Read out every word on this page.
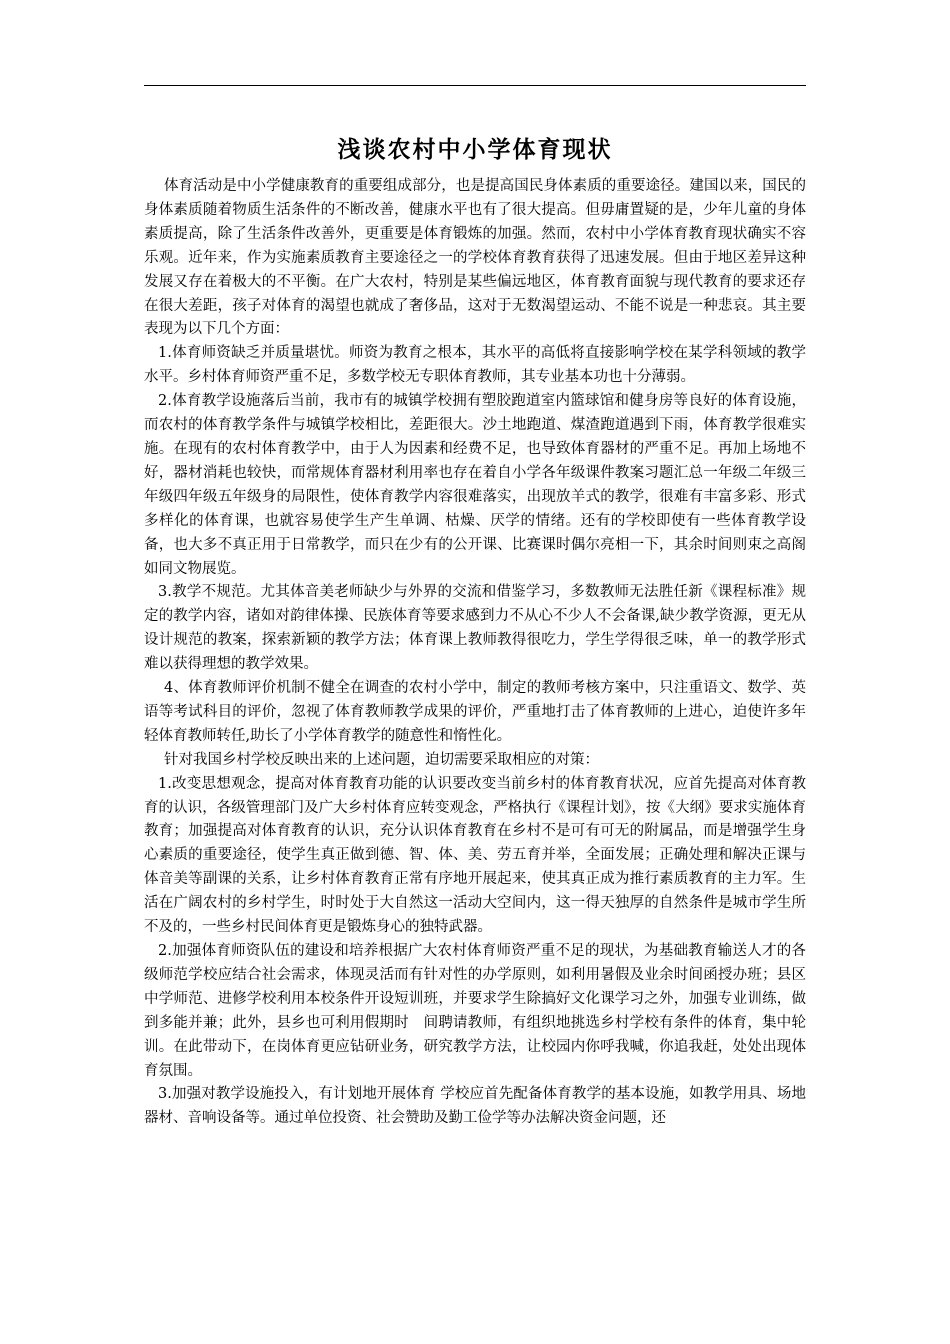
浅谈农村中小学体育现状

体育活动是中小学健康教育的重要组成部分，也是提高国民身体素质的重要途径。建国以来，国民的身体素质随着物质生活条件的不断改善，健康水平也有了很大提高。但毋庸置疑的是，少年儿童的身体素质提高，除了生活条件改善外，更重要是体育锻炼的加强。然而，农村中小学体育教育现状确实不容乐观。近年来，作为实施素质教育主要途径之一的学校体育教育获得了迅速发展。但由于地区差异这种发展又存在着极大的不平衡。在广大农村，特别是某些偏远地区，体育教育面貌与现代教育的要求还存在很大差距，孩子对体育的渴望也就成了奢侈品，这对于无数渴望运动、不能不说是一种悲哀。其主要表现为以下几个方面：

1.体育师资缺乏并质量堪忧。师资为教育之根本，其水平的高低将直接影响学校在某学科领域的教学水平。乡村体育师资严重不足，多数学校无专职体育教师，其专业基本功也十分薄弱。

2.体育教学设施落后当前，我市有的城镇学校拥有塑胶跑道室内篮球馆和健身房等良好的体育设施，而农村的体育教学条件与城镇学校相比，差距很大。沙土地跑道、煤渣跑道遇到下雨，体育教学很难实施。在现有的农村体育教学中，由于人为因素和经费不足，也导致体育器材的严重不足。再加上场地不好，器材消耗也较快，而常规体育器材利用率也存在着自小学各年级课件教案习题汇总一年级二年级三年级四年级五年级身的局限性，使体育教学内容很难落实，出现放羊式的教学，很难有丰富多彩、形式多样化的体育课，也就容易使学生产生单调、枯燥、厌学的情绪。还有的学校即使有一些体育教学设备，也大多不真正用于日常教学，而只在少有的公开课、比赛课时偶尔亮相一下，其余时间则束之高阁如同文物展览。

3.教学不规范。尤其体音美老师缺少与外界的交流和借鉴学习，多数教师无法胜任新《课程标准》规定的教学内容，诸如对韵律体操、民族体育等要求感到力不从心不少人不会备课,缺少教学资源，更无从设计规范的教案，探索新颖的教学方法；体育课上教师教得很吃力，学生学得很乏味，单一的教学形式难以获得理想的教学效果。

4、体育教师评价机制不健全在调查的农村小学中，制定的教师考核方案中，只注重语文、数学、英语等考试科目的评价，忽视了体育教师教学成果的评价，严重地打击了体育教师的上进心，迫使许多年轻体育教师转任,助长了小学体育教学的随意性和惰性化。

针对我国乡村学校反映出来的上述问题，迫切需要采取相应的对策：

1.改变思想观念，提高对体育教育功能的认识要改变当前乡村的体育教育状况，应首先提高对体育教育的认识，各级管理部门及广大乡村体育应转变观念，严格执行《课程计划》，按《大纲》要求实施体育教育；加强提高对体育教育的认识，充分认识体育教育在乡村不是可有可无的附属品，而是增强学生身心素质的重要途径，使学生真正做到德、智、体、美、劳五育并举，全面发展；正确处理和解决正课与体音美等副课的关系，让乡村体育教育正常有序地开展起来，使其真正成为推行素质教育的主力军。生活在广阔农村的乡村学生，时时处于大自然这一活动大空间内，这一得天独厚的自然条件是城市学生所不及的，一些乡村民间体育更是锻炼身心的独特武器。

2.加强体育师资队伍的建设和培养根据广大农村体育师资严重不足的现状，为基础教育输送人才的各级师范学校应结合社会需求，体现灵活而有针对性的办学原则，如利用暑假及业余时间函授办班；县区中学师范、进修学校利用本校条件开设短训班，并要求学生除搞好文化课学习之外，加强专业训练，做到多能并兼；此外，县乡也可利用假期时　间聘请教师，有组织地挑选乡村学校有条件的体育，集中轮训。在此带动下，在岗体育更应钻研业务，研究教学方法，让校园内你呼我喊，你追我赶，处处出现体育氛围。

3.加强对教学设施投入，有计划地开展体育 学校应首先配备体育教学的基本设施，如教学用具、场地器材、音响设备等。通过单位投资、社会赞助及勤工俭学等办法解决资金问题，还
